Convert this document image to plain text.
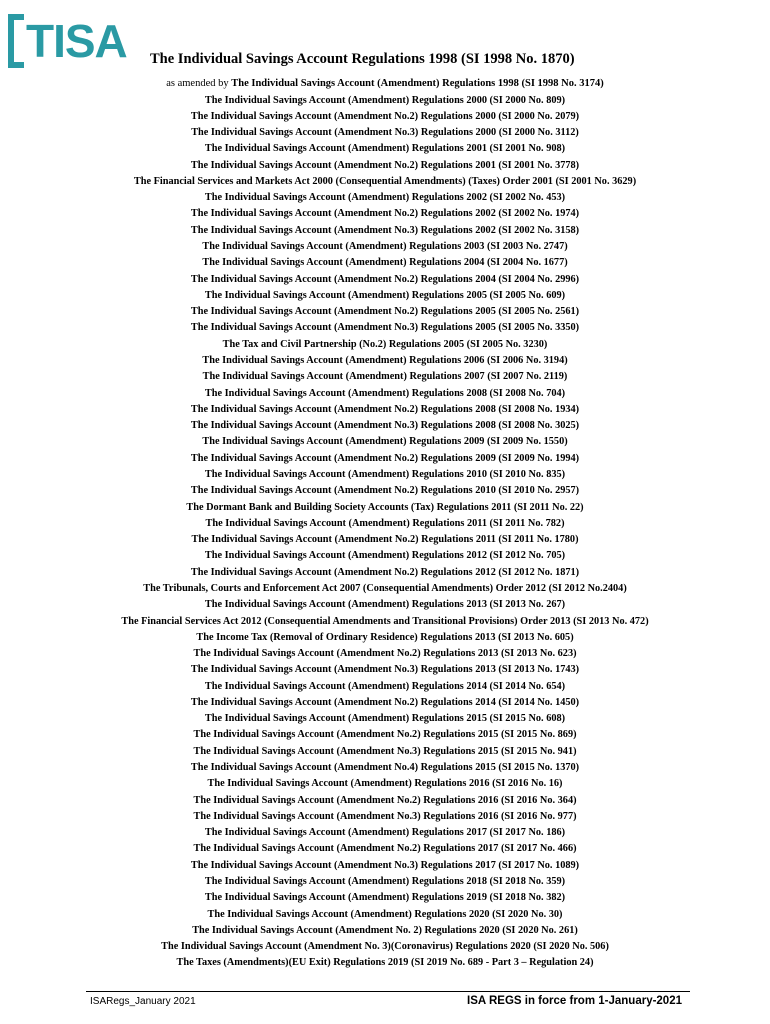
TISA The Individual Savings Account Regulations 1998 (SI 1998 No. 1870)
as amended by The Individual Savings Account (Amendment) Regulations 1998 (SI 1998 No. 3174)
The Individual Savings Account (Amendment) Regulations 2000 (SI 2000 No. 809)
The Individual Savings Account (Amendment No.2) Regulations 2000 (SI 2000 No. 2079)
The Individual Savings Account (Amendment No.3) Regulations 2000 (SI 2000 No. 3112)
The Individual Savings Account (Amendment) Regulations 2001 (SI 2001 No. 908)
The Individual Savings Account (Amendment No.2) Regulations 2001 (SI 2001 No. 3778)
The Financial Services and Markets Act 2000 (Consequential Amendments) (Taxes) Order 2001 (SI 2001 No. 3629)
The Individual Savings Account (Amendment) Regulations 2002 (SI 2002 No. 453)
The Individual Savings Account (Amendment No.2) Regulations 2002 (SI 2002 No. 1974)
The Individual Savings Account (Amendment No.3) Regulations 2002 (SI 2002 No. 3158)
The Individual Savings Account (Amendment) Regulations 2003 (SI 2003 No. 2747)
The Individual Savings Account (Amendment) Regulations 2004 (SI 2004 No. 1677)
The Individual Savings Account (Amendment No.2) Regulations 2004 (SI 2004 No. 2996)
The Individual Savings Account (Amendment) Regulations 2005 (SI 2005 No. 609)
The Individual Savings Account (Amendment No.2) Regulations 2005 (SI 2005 No. 2561)
The Individual Savings Account (Amendment No.3) Regulations 2005 (SI 2005 No. 3350)
The Tax and Civil Partnership (No.2) Regulations 2005 (SI 2005 No. 3230)
The Individual Savings Account (Amendment) Regulations 2006 (SI 2006 No. 3194)
The Individual Savings Account (Amendment) Regulations 2007 (SI 2007 No. 2119)
The Individual Savings Account (Amendment) Regulations 2008 (SI 2008 No. 704)
The Individual Savings Account (Amendment No.2) Regulations 2008 (SI 2008 No. 1934)
The Individual Savings Account (Amendment No.3) Regulations 2008 (SI 2008 No. 3025)
The Individual Savings Account (Amendment) Regulations 2009 (SI 2009 No. 1550)
The Individual Savings Account (Amendment No.2) Regulations 2009 (SI 2009 No. 1994)
The Individual Savings Account (Amendment) Regulations 2010 (SI 2010 No. 835)
The Individual Savings Account (Amendment No.2) Regulations 2010 (SI 2010 No. 2957)
The Dormant Bank and Building Society Accounts (Tax) Regulations 2011 (SI 2011 No. 22)
The Individual Savings Account (Amendment) Regulations 2011 (SI 2011 No. 782)
The Individual Savings Account (Amendment No.2) Regulations 2011 (SI 2011 No. 1780)
The Individual Savings Account (Amendment) Regulations 2012 (SI 2012 No. 705)
The Individual Savings Account (Amendment No.2) Regulations 2012 (SI 2012 No. 1871)
The Tribunals, Courts and Enforcement Act 2007 (Consequential Amendments) Order 2012 (SI 2012 No.2404)
The Individual Savings Account (Amendment) Regulations 2013 (SI 2013 No. 267)
The Financial Services Act 2012 (Consequential Amendments and Transitional Provisions) Order 2013 (SI 2013 No. 472)
The Income Tax (Removal of Ordinary Residence) Regulations 2013 (SI 2013 No. 605)
The Individual Savings Account (Amendment No.2) Regulations 2013 (SI 2013 No. 623)
The Individual Savings Account (Amendment No.3) Regulations 2013 (SI 2013 No. 1743)
The Individual Savings Account (Amendment) Regulations 2014 (SI 2014 No. 654)
The Individual Savings Account (Amendment No.2) Regulations 2014 (SI 2014 No. 1450)
The Individual Savings Account (Amendment) Regulations 2015 (SI 2015 No. 608)
The Individual Savings Account (Amendment No.2) Regulations 2015 (SI 2015 No. 869)
The Individual Savings Account (Amendment No.3) Regulations 2015 (SI 2015 No. 941)
The Individual Savings Account (Amendment No.4) Regulations 2015 (SI 2015 No. 1370)
The Individual Savings Account (Amendment) Regulations 2016 (SI 2016 No. 16)
The Individual Savings Account (Amendment No.2) Regulations 2016 (SI 2016 No. 364)
The Individual Savings Account (Amendment No.3) Regulations 2016 (SI 2016 No. 977)
The Individual Savings Account (Amendment) Regulations 2017 (SI 2017 No. 186)
The Individual Savings Account (Amendment No.2) Regulations 2017 (SI 2017 No. 466)
The Individual Savings Account (Amendment No.3) Regulations 2017 (SI 2017 No. 1089)
The Individual Savings Account (Amendment) Regulations 2018 (SI 2018 No. 359)
The Individual Savings Account (Amendment) Regulations 2019 (SI 2018 No. 382)
The Individual Savings Account (Amendment) Regulations 2020 (SI 2020 No. 30)
The Individual Savings Account (Amendment No. 2) Regulations 2020 (SI 2020 No. 261)
The Individual Savings Account (Amendment No. 3)(Coronavirus) Regulations 2020 (SI 2020 No. 506)
The Taxes (Amendments)(EU Exit) Regulations 2019 (SI 2019 No. 689 - Part 3 – Regulation 24)
ISARegs_January 2021	ISA REGS in force from 1-January-2021
